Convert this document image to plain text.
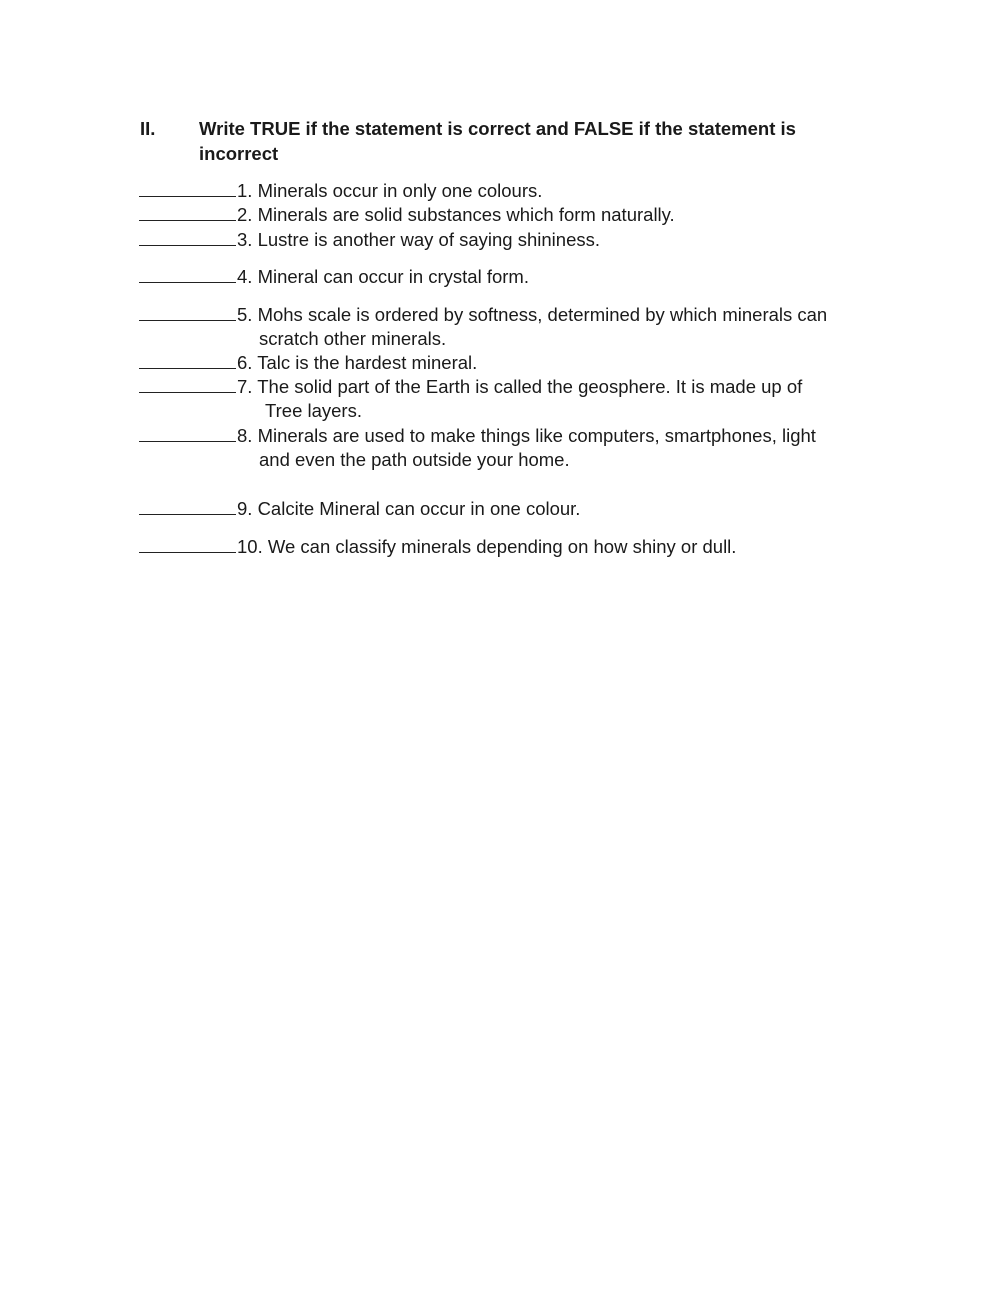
II. Write TRUE if the statement is correct and FALSE if the statement is incorrect
1. Minerals occur in only one colours.
2. Minerals are solid substances which form naturally.
3. Lustre is another way of saying shininess.
4. Mineral can occur in crystal form.
5. Mohs scale is ordered by softness, determined by which minerals can
scratch other minerals.
6. Talc is the hardest mineral.
7. The solid part of the Earth is called the geosphere. It is made up of
Tree layers.
8. Minerals are used to make things like computers, smartphones, light
and even the path outside your home.
9. Calcite Mineral can occur in one colour.
10. We can classify minerals depending on how shiny or dull.
